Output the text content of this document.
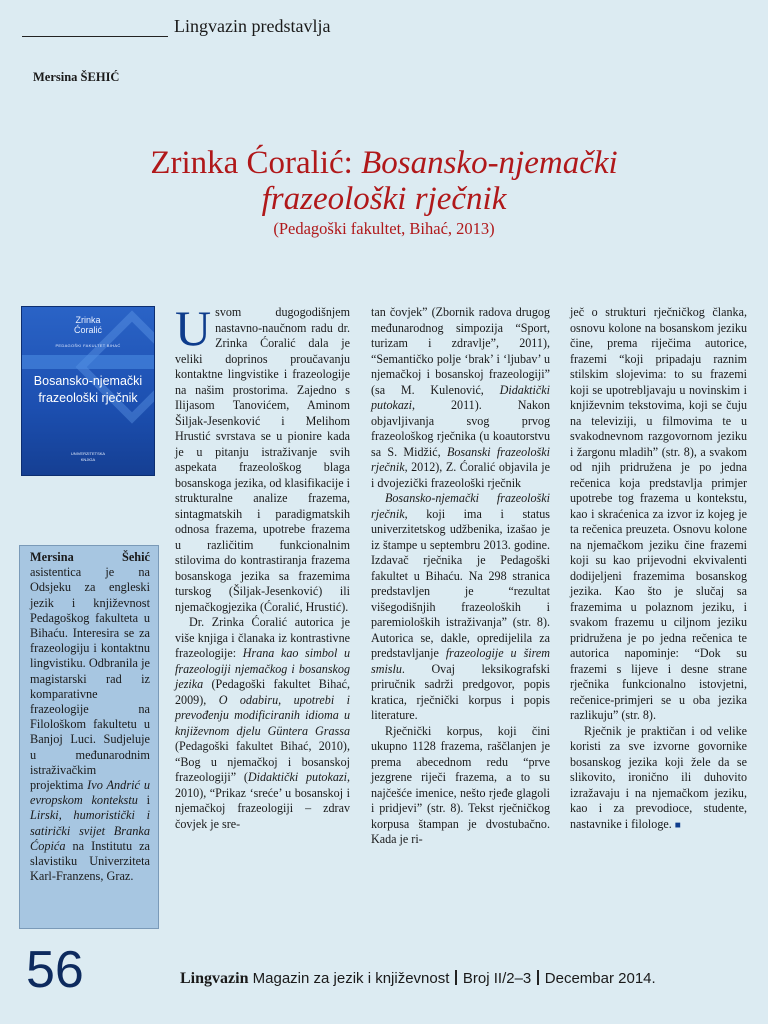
Lingvazin predstavlja
Mersina ŠEHIĆ
Zrinka Ćoralić: Bosansko-njemački
frazeološki rječnik
(Pedagoški fakultet, Bihać, 2013)
Zrinka
Ćoralić
PEDAGOŠKI FAKULTET BIHAĆ
Bosansko-njemački
frazeološki rječnik
UNIVERZITETSKA
KNJIGA
Mersina Šehić asistentica je na Odsjeku za engleski jezik i književnost Pedagoškog fakulteta u Bihaću. Interesira se za frazeologiju i kontaktnu lingvistiku. Odbranila je magistarski rad iz komparativne frazeologije na Filološkom fakultetu u Banjoj Luci. Sudjeluje u međunarodnim istraživačkim projektima Ivo Andrić u evropskom kontekstu i Lirski, humoristički i satirički svijet Branka Ćopića na Institutu za slavistiku Univerziteta Karl-Franzens, Graz.

Usvom dugogodišnjem nastavno-naučnom radu dr. Zrinka Ćoralić dala je veliki doprinos proučavanju kontaktne lingvistike i frazeologije na našim prostorima. Zajedno s Ilijasom Tanovićem, Aminom Šiljak-Jesenković i Melihom Hrustić svrstava se u pionire kada je u pitanju istraživanje svih aspekata frazeološkog blaga bosanskoga jezika, od klasifikacije i strukturalne analize frazema, sintagmatskih i paradigmatskih odnosa frazema, upotrebe frazema u različitim funkcionalnim stilovima do kontrastiranja frazema bosanskoga jezika sa frazemima turskog (Šiljak-Jesenković) ili njemačkogjezika (Ćoralić, Hrustić).

Dr. Zrinka Ćoralić autorica je više knjiga i članaka iz kontrastivne frazeologije: Hrana kao simbol u frazeologiji njemačkog i bosanskog jezika (Pedagoški fakultet Bihać, 2009), O odabiru, upotrebi i prevođenju modificiranih idioma u književnom djelu Güntera Grassa (Pedagoški fakultet Bihać, 2010), “Bog u njemačkoj i bosanskoj frazeologiji” (Didaktički putokazi, 2010), “Prikaz ‘sreće’ u bosanskoj i njemačkoj frazeologiji – zdrav čovjek je sre-

tan čovjek” (Zbornik radova drugog međunarodnog simpozija “Sport, turizam i zdravlje”, 2011), “Semantičko polje ‘brak’ i ‘ljubav’ u njemačkoj i bosanskoj frazeologiji” (sa M. Kulenović, Didaktički putokazi, 2011). Nakon objavljivanja svog prvog frazeološkog rječnika (u koautorstvu sa S. Midžić, Bosanski frazeološki rječnik, 2012), Z. Ćoralić objavila je i dvojezički frazeološki rječnik

Bosansko-njemački frazeološki rječnik, koji ima i status univerzitetskog udžbenika, izašao je iz štampe u septembru 2013. godine. Izdavač rječnika je Pedagoški fakultet u Bihaću. Na 298 stranica predstavljen je “rezultat višegodišnjih frazeoloških i paremioloških istraživanja” (str. 8). Autorica se, dakle, opredijelila za predstavljanje frazeologije u širem smislu. Ovaj leksikografski priručnik sadrži predgovor, popis kratica, rječnički korpus i popis literature.

Rječnički korpus, koji čini ukupno 1128 frazema, raščlanjen je prema abecednom redu “prve jezgrene riječi frazema, a to su najčešće imenice, nešto rjeđe glagoli i pridjevi” (str. 8). Tekst rječničkog korpusa štampan je dvostubačno. Kada je ri-

ječ o strukturi rječničkog članka, osnovu kolone na bosanskom jeziku čine, prema riječima autorice, frazemi “koji pripadaju raznim stilskim slojevima: to su frazemi koji se upotrebljavaju u novinskim i književnim tekstovima, koji se čuju na televiziji, u filmovima te u svakodnevnom razgovornom jeziku i žargonu mladih” (str. 8), a svakom od njih pridružena je po jedna rečenica koja predstavlja primjer upotrebe tog frazema u kontekstu, kao i skraćenica za izvor iz kojeg je ta rečenica preuzeta. Osnovu kolone na njemačkom jeziku čine frazemi koji su kao prijevodni ekvivalenti dodijeljeni frazemima bosanskog jezika. Kao što je slučaj sa frazemima u polaznom jeziku, i svakom frazemu u ciljnom jeziku pridružena je po jedna rečenica te autorica napominje: “Dok su frazemi s lijeve i desne strane rječnika funkcionalno istovjetni, rečenice-primjeri se u oba jezika razlikuju” (str. 8).

Rječnik je praktičan i od velike koristi za sve izvorne govornike bosanskog jezika koji žele da se slikovito, ironično ili duhovito izražavaju i na njemačkom jeziku, kao i za prevodioce, studente, nastavnike i filologe. ■

56	Lingvazin Magazin za jezik i književnost Broj II/2–3 Decembar 2014.
